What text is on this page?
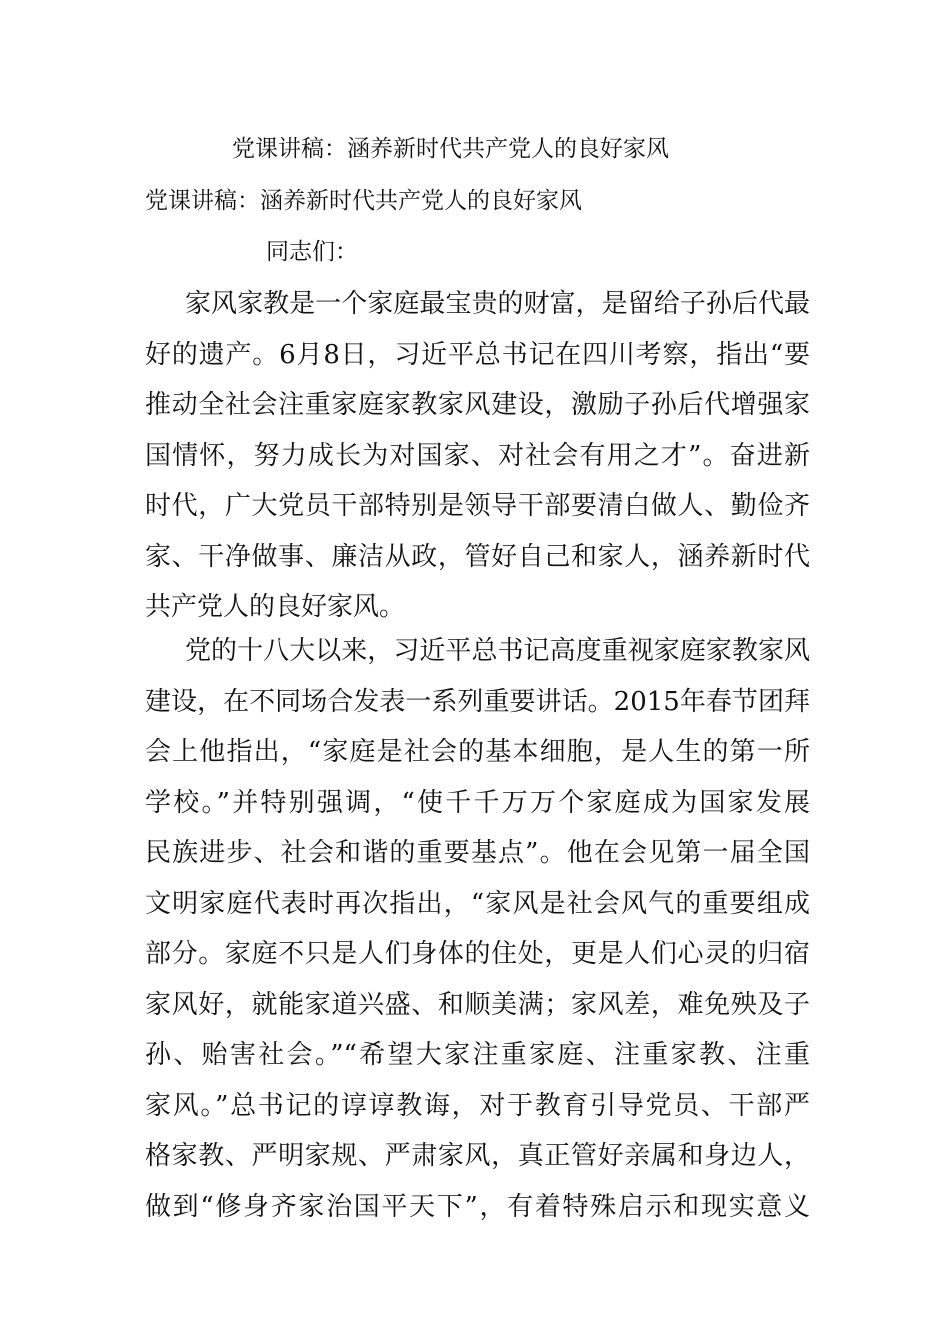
党课讲稿：涵养新时代共产党人的良好家风
党课讲稿：涵养新时代共产党人的良好家风
同志们：
家风家教是一个家庭最宝贵的财富，是留给子孙后代最
好的遗产。6月8日，习近平总书记在四川考察，指出“要
推动全社会注重家庭家教家风建设，激励子孙后代增强家
国情怀，努力成长为对国家、对社会有用之才”。奋进新
时代，广大党员干部特别是领导干部要清白做人、勤俭齐
家、干净做事、廉洁从政，管好自己和家人，涵养新时代
共产党人的良好家风。
党的十八大以来，习近平总书记高度重视家庭家教家风
建设，在不同场合发表一系列重要讲话。2015年春节团拜
会上他指出，“家庭是社会的基本细胞，是人生的第一所
学校。”并特别强调，“使千千万万个家庭成为国家发展
民族进步、社会和谐的重要基点”。他在会见第一届全国
文明家庭代表时再次指出，“家风是社会风气的重要组成
部分。家庭不只是人们身体的住处，更是人们心灵的归宿
家风好，就能家道兴盛、和顺美满；家风差，难免殃及子
孙、贻害社会。”“希望大家注重家庭、注重家教、注重
家风。”总书记的谆谆教诲，对于教育引导党员、干部严
格家教、严明家规、严肃家风，真正管好亲属和身边人，
做到“修身齐家治国平天下”，有着特殊启示和现实意义
